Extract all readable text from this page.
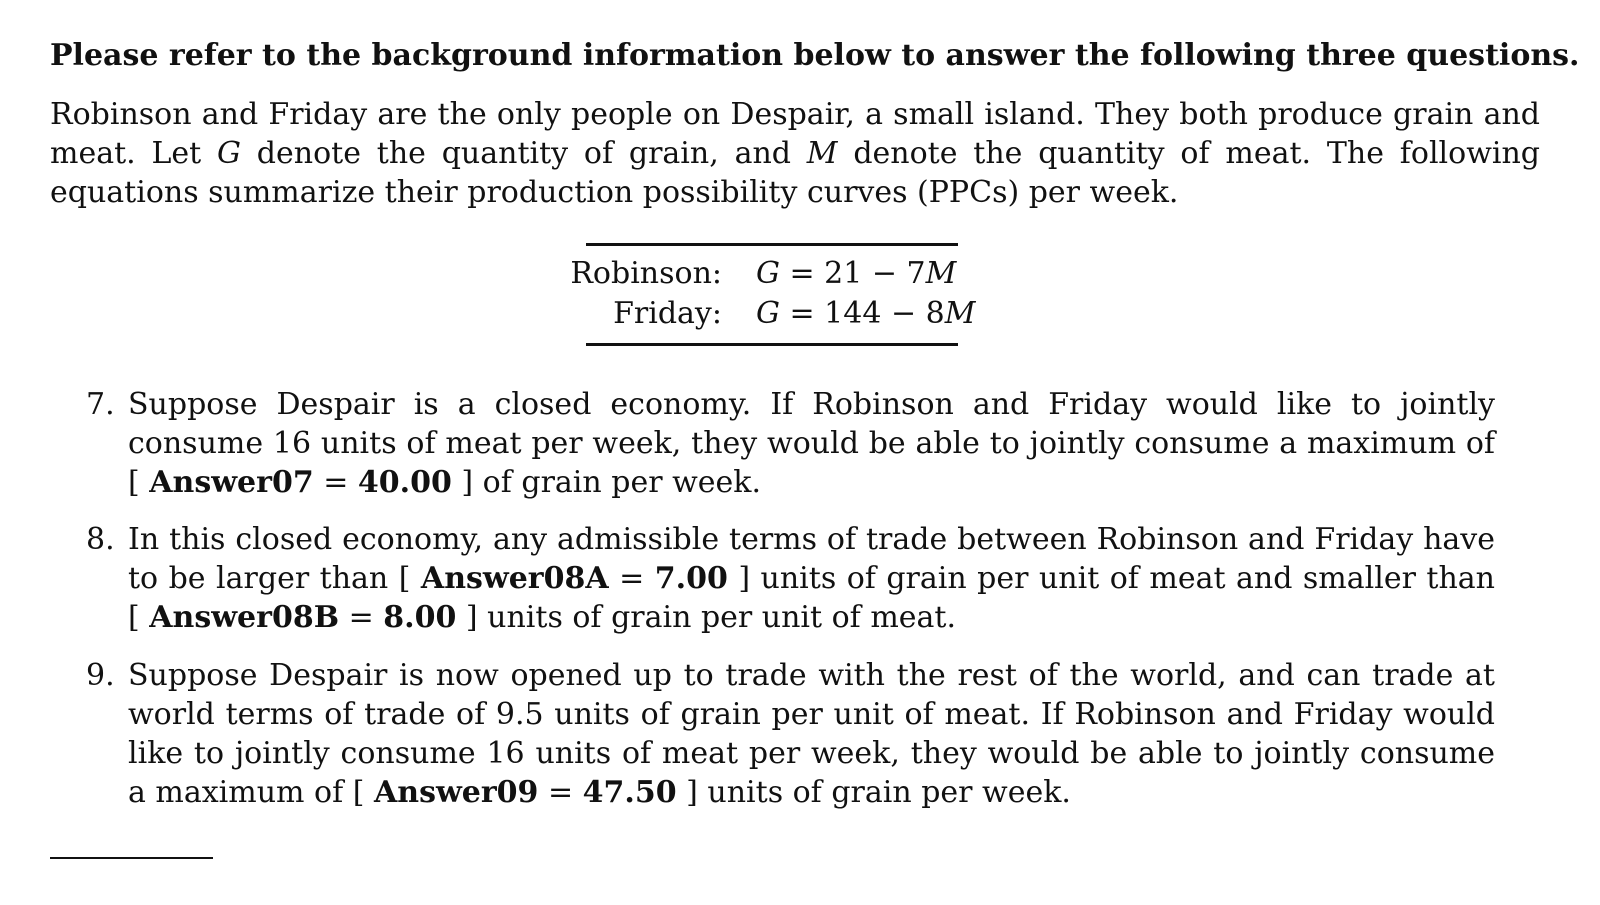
Please refer to the background information below to answer the following three questions.
Robinson and Friday are the only people on Despair, a small island. They both produce grain and meat. Let G denote the quantity of grain, and M denote the quantity of meat. The following equations summarize their production possibility curves (PPCs) per week.
Robinson: G = 21 − 7M
Friday: G = 144 − 8M
7. Suppose Despair is a closed economy. If Robinson and Friday would like to jointly consume 16 units of meat per week, they would be able to jointly consume a maximum of [ Answer07 = 40.00 ] of grain per week.
8. In this closed economy, any admissible terms of trade between Robinson and Friday have to be larger than [ Answer08A = 7.00 ] units of grain per unit of meat and smaller than [ Answer08B = 8.00 ] units of grain per unit of meat.
9. Suppose Despair is now opened up to trade with the rest of the world, and can trade at world terms of trade of 9.5 units of grain per unit of meat. If Robinson and Friday would like to jointly consume 16 units of meat per week, they would be able to jointly consume a maximum of [ Answer09 = 47.50 ] units of grain per week.
